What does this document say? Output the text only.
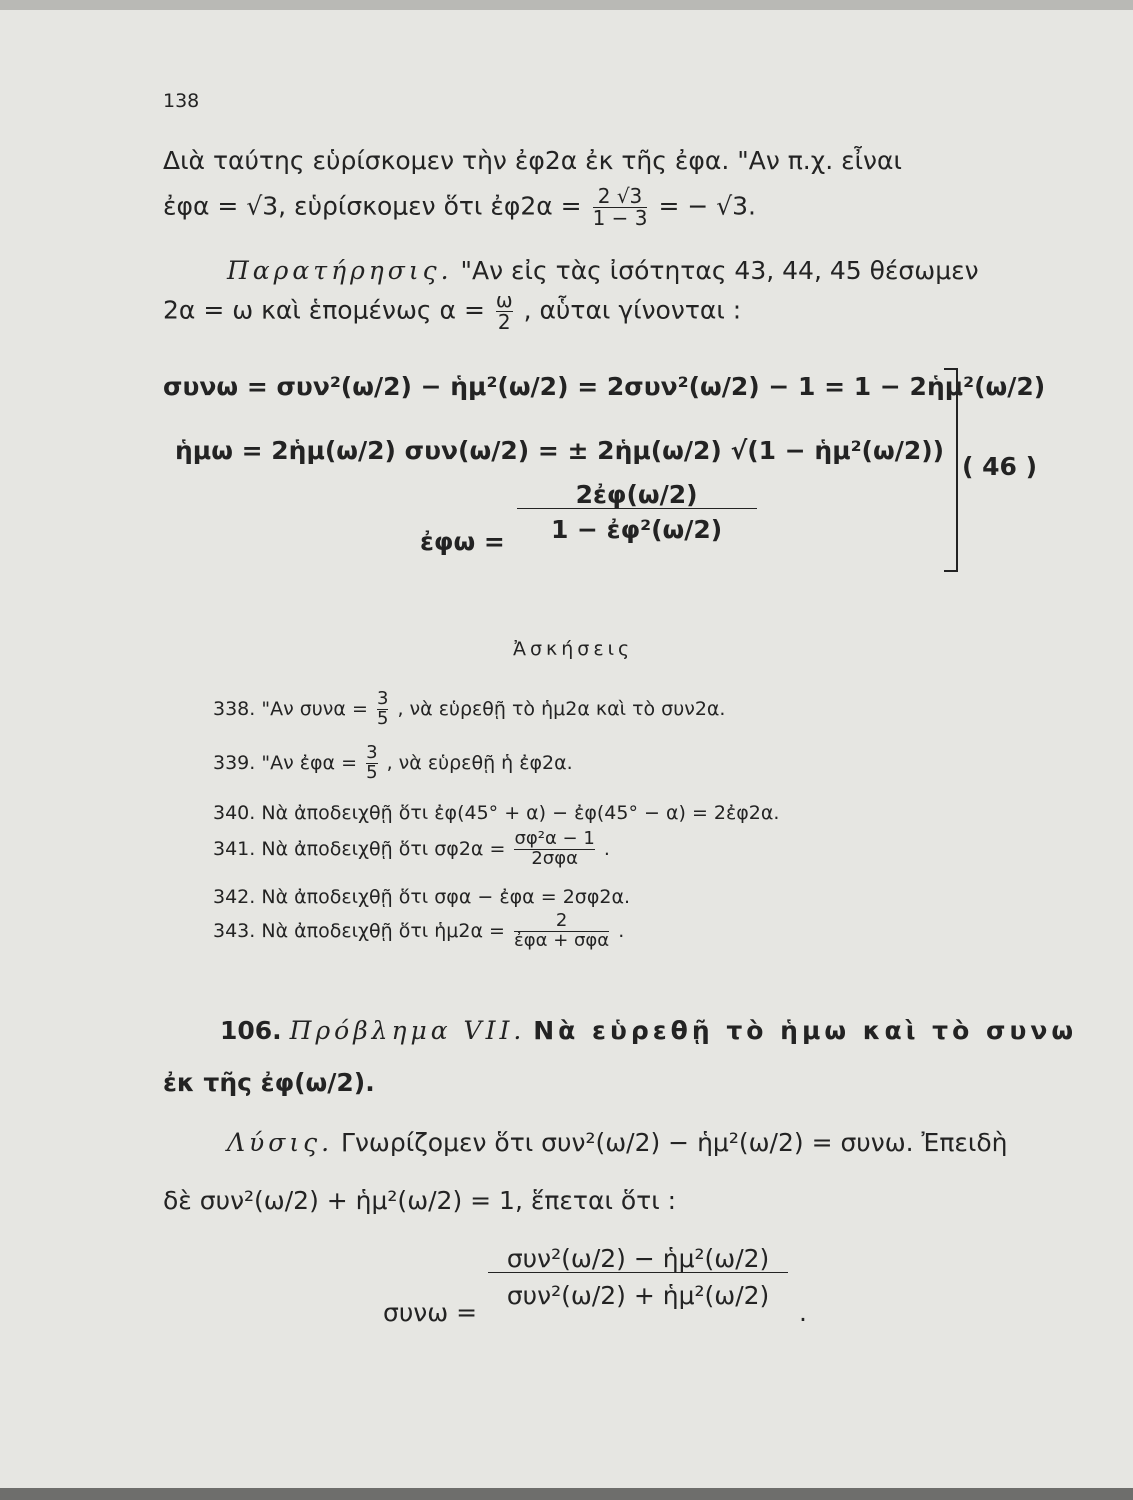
138
Διὰ ταύτης εὑρίσκομεν τὴν ἐφ2α ἐκ τῆς ἐφα. "Αν π.χ. εἶναι
ἐφα = √3, εὑρίσκομεν ὅτι ἐφ2α = $\frac{2 √3}{1 - 3}$ = − √3.
Παρατήρησις. "Αν εἰς τὰς ἰσότητας 43, 44, 45 θέσωμεν
2α = ω καὶ ἑπομένως $\alpha = \frac{\omega}{2}$ , αὗται γίνονται :
συνω = συν²(ω/2) − ἡμ²(ω/2) = 2συν²(ω/2) − 1 = 1 − 2ἡμ²(ω/2)
ἡμω = 2ἡμ(ω/2) συν(ω/2) = ± 2ἡμ(ω/2) √(1 − ἡμ²(ω/2))
ἐφω = $\frac{\text{2ἐφ(ω/2)}}{\text{1 − ἐφ²(ω/2)}}$
( 46 )
Ἀσκήσεις
338. "Αν $\sigma\upsilon\nu\alpha = \frac{3}{5}$ , νὰ εὑρεθῇ τὸ ἡμ2α καὶ τὸ συν2α.
339. "Αν ἐφα = $\frac{3}{5}$ , νὰ εὑρεθῇ ἡ ἐφ2α.
340. Νὰ ἀποδειχθῇ ὅτι ἐφ(45° + α) − ἐφ(45° − α) = 2ἐφ2α.
341. Νὰ ἀποδειχθῇ ὅτι $\sigma\varphi 2\alpha = \frac{\text{σφ²α − 1}}{\text{2σφα}}$ .
342. Νὰ ἀποδειχθῇ ὅτι σφα − ἐφα = 2σφ2α.
343. Νὰ ἀποδειχθῇ ὅτι ἡμ2α = $\frac{2}{\text{ἐφα + σφα}}$ .
106. Πρόβλημα VII. Νὰ εὑρεθῇ τὸ ἡμω καὶ τὸ συνω
ἐκ τῆς ἐφ(ω/2).
Λύσις. Γνωρίζομεν ὅτι συν²(ω/2) − ἡμ²(ω/2) = συνω. Ἐπειδὴ
δὲ συν²(ω/2) + ἡμ²(ω/2) = 1, ἕπεται ὅτι :
συνω =
$\frac{\text{συν²(ω/2) − ἡμ²(ω/2)}}{\text{συν²(ω/2) + ἡμ²(ω/2)}}$
.
